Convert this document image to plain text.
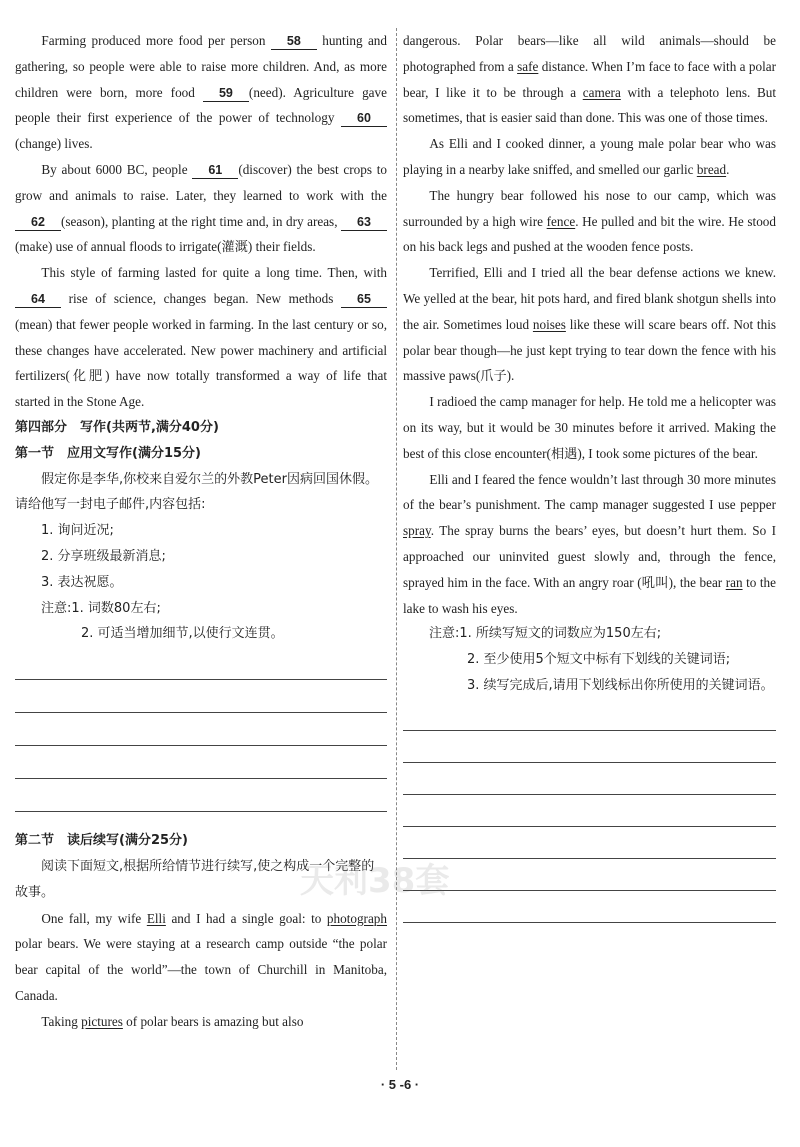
Farming produced more food per person 58 hunting and gathering, so people were able to raise more children. And, as more children were born, more food 59 (need). Agriculture gave people their first experience of the power of technology 60(change) lives.

By about 6000 BC, people 61 (discover) the best crops to grow and animals to raise. Later, they learned to work with the 62 (season), planting at the right time and, in dry areas, 63(make) use of annual floods to irrigate(灌溉) their fields.

This style of farming lasted for quite a long time. Then, with 64 rise of science, changes began. New methods 65(mean) that fewer people worked in farming. In the last century or so, these changes have accelerated. New power machinery and artificial fertilizers(化肥) have now totally transformed a way of life that started in the Stone Age.

第四部分　写作(共两节,满分40分)

第一节　应用文写作(满分15分)

假定你是李华,你校来自爱尔兰的外教Peter因病回国休假。请给他写一封电子邮件,内容包括:

1. 询问近况;

2. 分享班级最新消息;

3. 表达祝愿。

注意:1. 词数80左右;

2. 可适当增加细节,以使行文连贯。

第二节　读后续写(满分25分)

阅读下面短文,根据所给情节进行续写,使之构成一个完整的故事。

One fall, my wife Elli and I had a single goal: to photograph polar bears. We were staying at a research camp outside “the polar bear capital of the world”—the town of Churchill in Manitoba, Canada.

Taking pictures of polar bears is amazing but also

dangerous. Polar bears—like all wild animals—should be photographed from a safe distance. When I’m face to face with a polar bear, I like it to be through a camera with a telephoto lens. But sometimes, that is easier said than done. This was one of those times.

As Elli and I cooked dinner, a young male polar bear who was playing in a nearby lake sniffed, and smelled our garlic bread.

The hungry bear followed his nose to our camp, which was surrounded by a high wire fence. He pulled and bit the wire. He stood on his back legs and pushed at the wooden fence posts.

Terrified, Elli and I tried all the bear defense actions we knew. We yelled at the bear, hit pots hard, and fired blank shotgun shells into the air. Sometimes loud noises like these will scare bears off. Not this polar bear though—he just kept trying to tear down the fence with his massive paws(爪子).

I radioed the camp manager for help. He told me a helicopter was on its way, but it would be 30 minutes before it arrived. Making the best of this close encounter(相遇), I took some pictures of the bear.

Elli and I feared the fence wouldn’t last through 30 more minutes of the bear’s punishment. The camp manager suggested I use pepper spray. The spray burns the bears’ eyes, but doesn’t hurt them. So I approached our uninvited guest slowly and, through the fence, sprayed him in the face. With an angry roar (吼叫), the bear ran to the lake to wash his eyes.

注意:1. 所续写短文的词数应为150左右;

2. 至少使用5个短文中标有下划线的关键词语;

3. 续写完成后,请用下划线标出你所使用的关键词语。

天利38套
· 5 -6 ·
